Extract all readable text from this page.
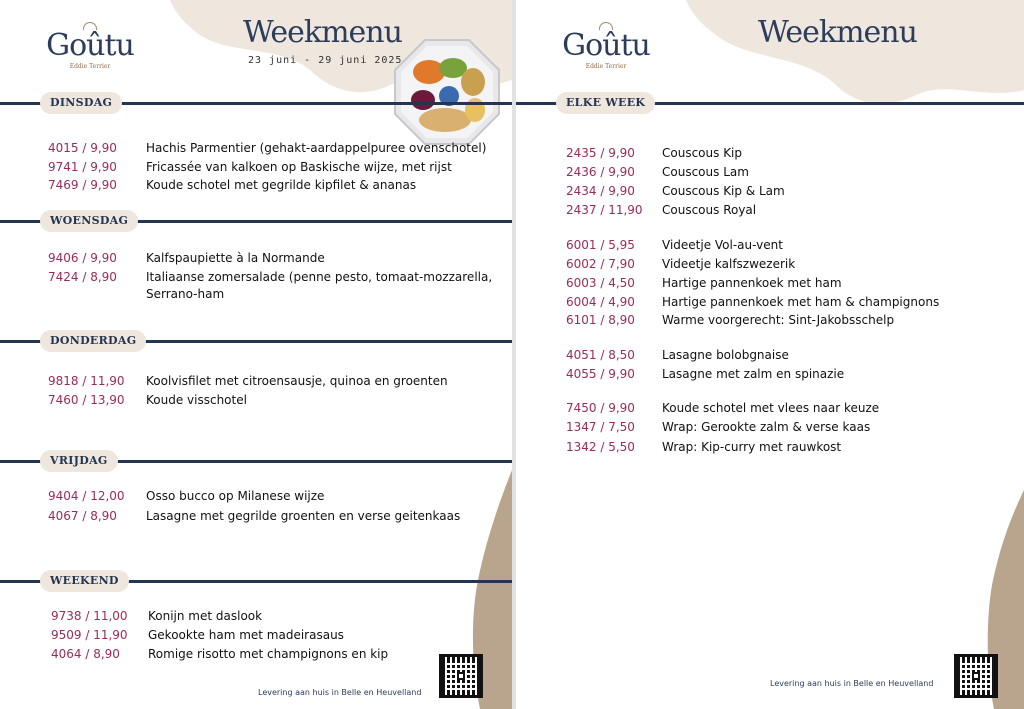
Goûtu
Eddie Terrier
Weekmenu
23 juni - 29 juni 2025
DINSDAG
4015 / 9,90 Hachis Parmentier (gehakt-aardappelpuree ovenschotel)
9741 / 9,90 Fricassée van kalkoen op Baskische wijze, met rijst
7469 / 9,90 Koude schotel met gegrilde kipfilet & ananas
WOENSDAG
9406 / 9,90 Kalfspaupiette à la Normande
7424 / 8,90 Italiaanse zomersalade (penne pesto, tomaat-mozzarella,
Serrano-ham
DONDERDAG
9818 / 11,90 Koolvisfilet met citroensausje, quinoa en groenten
7460 / 13,90 Koude visschotel
VRIJDAG
9404 / 12,00 Osso bucco op Milanese wijze
4067 / 8,90 Lasagne met gegrilde groenten en verse geitenkaas
WEEKEND
9738 / 11,00 Konijn met daslook
9509 / 11,90 Gekookte ham met madeirasaus
4064 / 8,90 Romige risotto met champignons en kip
Levering aan huis in Belle en Heuvelland
Goûtu
Eddie Terrier
Weekmenu
ELKE WEEK
2435 / 9,90 Couscous Kip
2436 / 9,90 Couscous Lam
2434 / 9,90 Couscous Kip & Lam
2437 / 11,90 Couscous Royal
6001 / 5,95 Videetje Vol-au-vent
6002 / 7,90 Videetje kalfszwezerik
6003 / 4,50 Hartige pannenkoek met ham
6004 / 4,90 Hartige pannenkoek met ham & champignons
6101 / 8,90 Warme voorgerecht: Sint-Jakobsschelp
4051 / 8,50 Lasagne bolobgnaise
4055 / 9,90 Lasagne met zalm en spinazie
7450 / 9,90 Koude schotel met vlees naar keuze
1347 / 7,50 Wrap: Gerookte zalm & verse kaas
1342 / 5,50 Wrap: Kip-curry met rauwkost
Levering aan huis in Belle en Heuvelland
